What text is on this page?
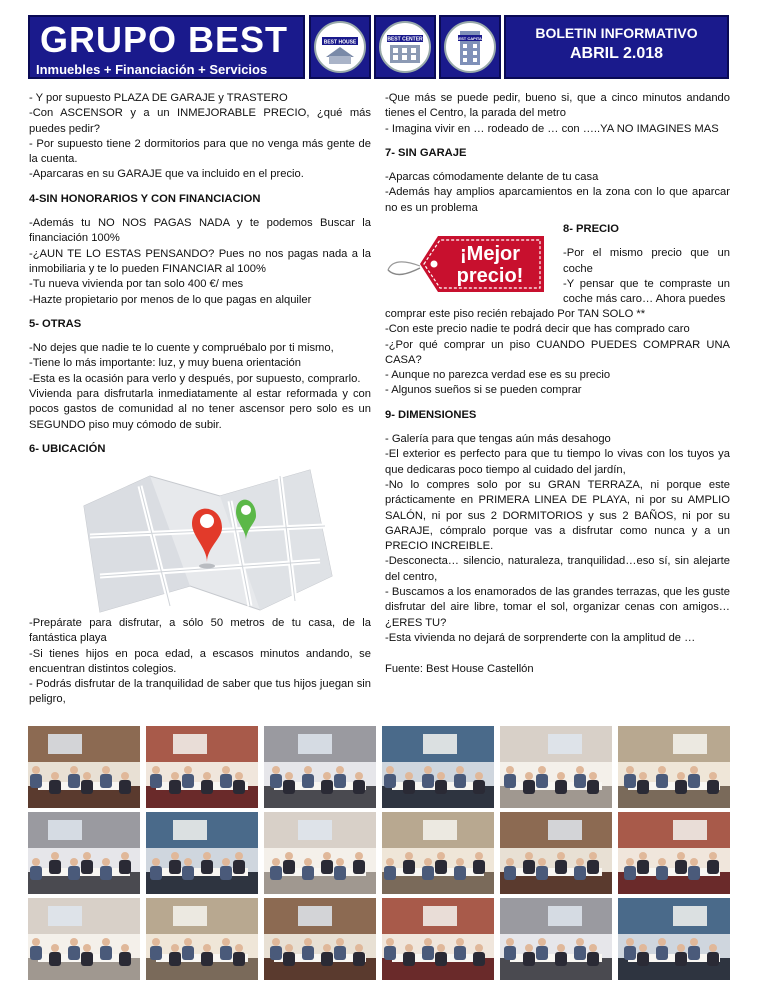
GRUPO BEST
Inmuebles + Financiación + Servicios
BEST HOUSE	BEST CENTER	BEST CAPITAL	BOLETIN INFORMATIVO
ABRIL 2.018

- Y por supuesto PLAZA DE GARAJE y TRASTERO

-Con ASCENSOR y a un INMEJORABLE PRECIO, ¿qué más puedes pedir?

- Por supuesto tiene 2 dormitorios para que no venga más gente de la cuenta.

-Aparcaras en su GARAJE que va incluido en el precio.

4-SIN HONORARIOS Y CON FINANCIACION

-Además tu NO NOS PAGAS NADA y te podemos Buscar la financiación 100%

-¿AUN TE LO ESTAS PENSANDO? Pues no nos pagas nada a la inmobiliaria y te lo pueden FINANCIAR al 100%

-Tu nueva vivienda por tan solo 400 €/ mes

-Hazte propietario por menos de lo que pagas en alquiler

5- OTRAS

-No dejes que nadie te lo cuente y compruébalo por ti mismo,

-Tiene lo más importante: luz, y muy buena orientación

-Esta es la ocasión para verlo y después, por supuesto, comprarlo.

Vivienda para disfrutarla inmediatamente al estar reformada y con pocos gastos de comunidad al no tener ascensor pero solo es un SEGUNDO piso muy cómodo de subir.

6- UBICACIÓN

-Prepárate para disfrutar, a sólo 50 metros de tu casa, de la fantástica playa

-Si tienes hijos en poca edad, a escasos minutos andando, se encuentran distintos colegios.

- Podrás disfrutar de la tranquilidad de saber que tus hijos juegan sin peligro,

-Que más se puede pedir, bueno si, que a cinco minutos andando tienes el Centro, la parada del metro

- Imagina vivir en … rodeado de … con …..YA NO IMAGINES MAS

7- SIN GARAJE

-Aparcas cómodamente delante de tu casa

-Además hay amplios aparcamientos en la zona con lo que aparcar no es un problema

¡Mejor
precio!

8- PRECIO

-Por el mismo precio que un coche

-Y pensar que te compraste un coche más caro… Ahora puedes

comprar este piso recién rebajado Por TAN SOLO **

-Con este precio nadie te podrá decir que has comprado caro

-¿Por qué comprar un piso CUANDO PUEDES COMPRAR UNA CASA?

- Aunque no parezca verdad ese es su precio

- Algunos sueños si se pueden comprar

9- DIMENSIONES

- Galería para que tengas aún más desahogo

-El exterior es perfecto para que tu tiempo lo vivas con los tuyos ya que dedicaras poco tiempo al cuidado del jardín,

-No lo compres solo por su GRAN TERRAZA, ni porque este prácticamente en PRIMERA LINEA DE PLAYA, ni por su AMPLIO SALÓN, ni por sus 2 DORMITORIOS y sus 2 BAÑOS, ni por su GARAJE, cómpralo porque vas a disfrutar como nunca y a un PRECIO INCREIBLE.

-Desconecta… silencio, naturaleza, tranquilidad…eso sí, sin alejarte del centro,

- Buscamos a los enamorados de las grandes terrazas, que les guste disfrutar del aire libre, tomar el sol, organizar cenas con amigos… ¿ERES TU?

-Esta vivienda no dejará de sorprenderte con la amplitud de …

Fuente: Best House Castellón
